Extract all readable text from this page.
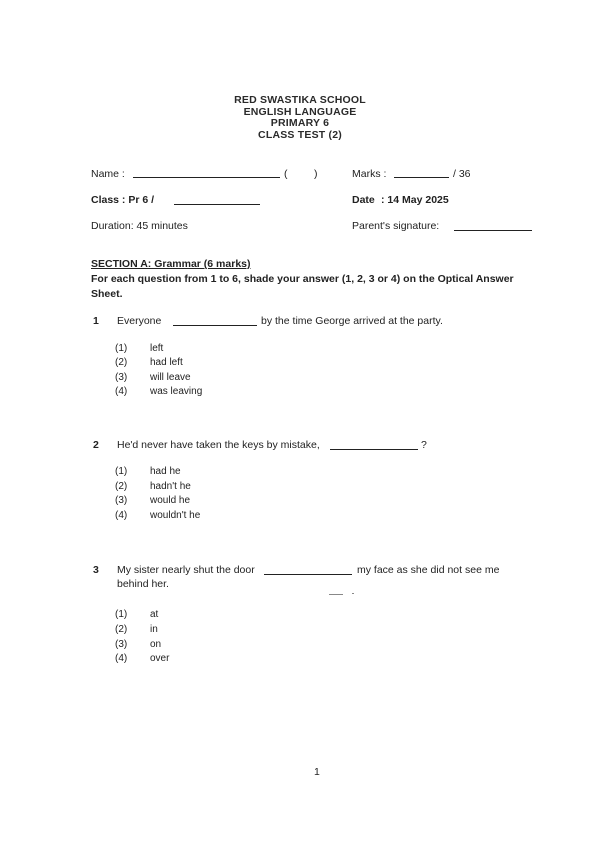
RED SWASTIKA SCHOOL
ENGLISH LANGUAGE
PRIMARY 6
CLASS TEST (2)
Name :	(	)	Marks :	/ 36
Class : Pr 6 /	Date : 14 May 2025
Duration: 45 minutes	Parent's signature:
SECTION A: Grammar (6 marks)
For each question from 1 to 6, shade your answer (1, 2, 3 or 4) on the Optical Answer
Sheet.
1 Everyone	by the time George arrived at the party.
(1) left
(2) had left
(3) will leave
(4) was leaving
2 He'd never have taken the keys by mistake,	?
(1) had he
(2) hadn't he
(3) would he
(4) wouldn't he
3 My sister nearly shut the door	my face as she did not see me
behind her.
(1) at
(2) in
(3) on
(4) over
1
